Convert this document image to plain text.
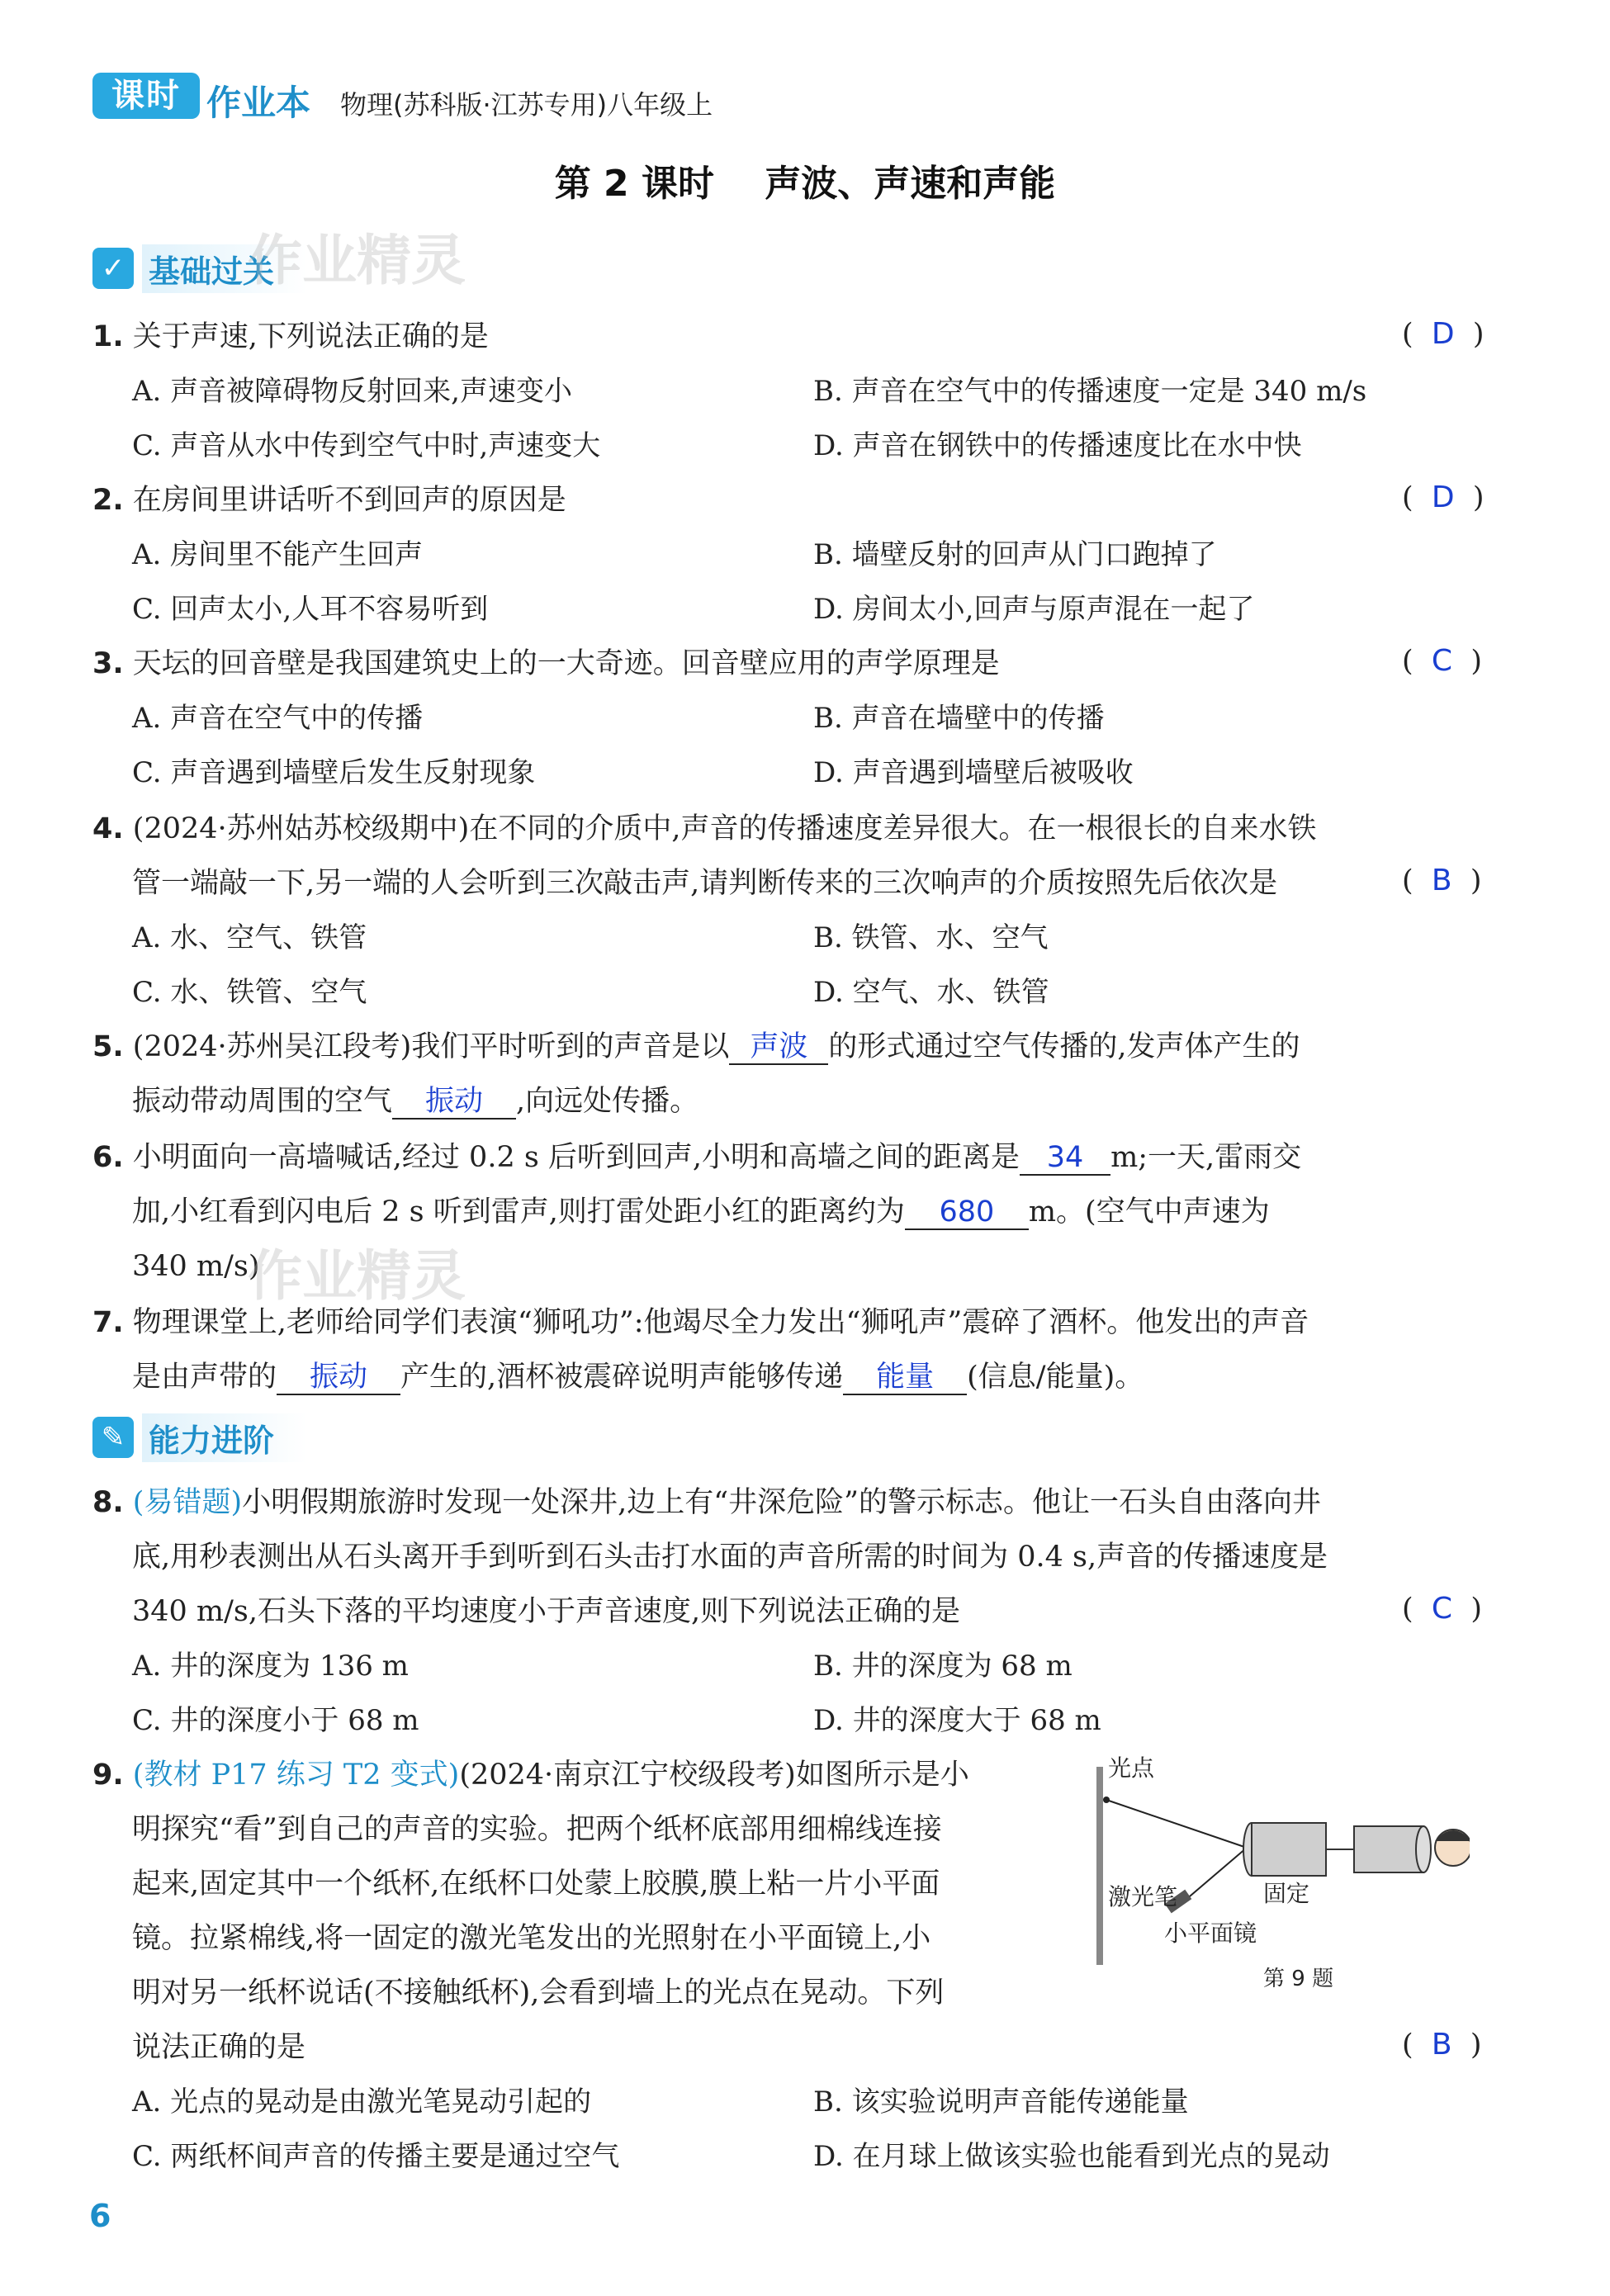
课时 作业本 物理(苏科版·江苏专用)八年级上
第 2 课时    声波、声速和声能
✓ 基础过关
作业精灵
1. 关于声速,下列说法正确的是	( D )
A. 声音被障碍物反射回来,声速变小	B. 声音在空气中的传播速度一定是 340 m/s
C. 声音从水中传到空气中时,声速变大	D. 声音在钢铁中的传播速度比在水中快
2. 在房间里讲话听不到回声的原因是	( D )
A. 房间里不能产生回声	B. 墙壁反射的回声从门口跑掉了
C. 回声太小,人耳不容易听到	D. 房间太小,回声与原声混在一起了
3. 天坛的回音壁是我国建筑史上的一大奇迹。回音壁应用的声学原理是	( C )
A. 声音在空气中的传播	B. 声音在墙壁中的传播
C. 声音遇到墙壁后发生反射现象	D. 声音遇到墙壁后被吸收
4. (2024·苏州姑苏校级期中)在不同的介质中,声音的传播速度差异很大。在一根很长的自来水铁
管一端敲一下,另一端的人会听到三次敲击声,请判断传来的三次响声的介质按照先后依次是	( B )
A. 水、空气、铁管	B. 铁管、水、空气
C. 水、铁管、空气	D. 空气、水、铁管
5. (2024·苏州吴江段考)我们平时听到的声音是以 声波 的形式通过空气传播的,发声体产生的
振动带动周围的空气 振动 ,向远处传播。
6. 小明面向一高墙喊话,经过 0.2 s 后听到回声,小明和高墙之间的距离是 34 m;一天,雷雨交
加,小红看到闪电后 2 s 听到雷声,则打雷处距小红的距离约为 680 m。(空气中声速为
340 m/s)
作业精灵
7. 物理课堂上,老师给同学们表演“狮吼功”:他竭尽全力发出“狮吼声”震碎了酒杯。他发出的声音
是由声带的 振动 产生的,酒杯被震碎说明声能够传递 能量 (信息/能量)。
✎ 能力进阶
8. (易错题)小明假期旅游时发现一处深井,边上有“井深危险”的警示标志。他让一石头自由落向井
底,用秒表测出从石头离开手到听到石头击打水面的声音所需的时间为 0.4 s,声音的传播速度是
340 m/s,石头下落的平均速度小于声音速度,则下列说法正确的是	( C )
A. 井的深度为 136 m	B. 井的深度为 68 m
C. 井的深度小于 68 m	D. 井的深度大于 68 m
9. (教材 P17 练习 T2 变式)(2024·南京江宁校级段考)如图所示是小
明探究“看”到自己的声音的实验。把两个纸杯底部用细棉线连接
起来,固定其中一个纸杯,在纸杯口处蒙上胶膜,膜上粘一片小平面
镜。拉紧棉线,将一固定的激光笔发出的光照射在小平面镜上,小
明对另一纸杯说话(不接触纸杯),会看到墙上的光点在晃动。下列
说法正确的是	( B )
A. 光点的晃动是由激光笔晃动引起的	B. 该实验说明声音能传递能量
C. 两纸杯间声音的传播主要是通过空气	D. 在月球上做该实验也能看到光点的晃动
光点
激光笔	固定
小平面镜
第 9 题
6
